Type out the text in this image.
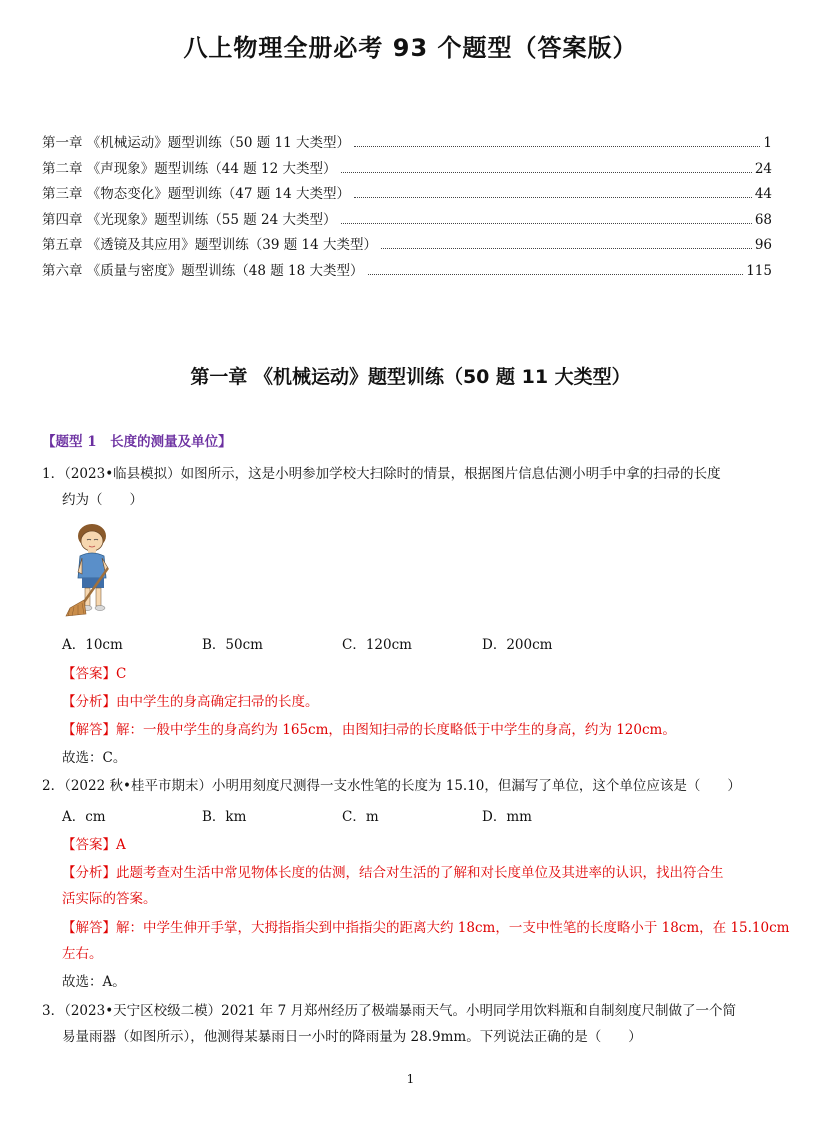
八上物理全册必考 93 个题型（答案版）
第一章 《机械运动》题型训练（50 题 11 大类型）	1
第二章 《声现象》题型训练（44 题 12 大类型）	24
第三章 《物态变化》题型训练（47 题 14 大类型）	44
第四章 《光现象》题型训练（55 题 24 大类型）	68
第五章 《透镜及其应用》题型训练（39 题 14 大类型）	96
第六章 《质量与密度》题型训练（48 题 18 大类型）	115
第一章 《机械运动》题型训练（50 题 11 大类型）
【题型 1　长度的测量及单位】
1．（2023•临县模拟）如图所示，这是小明参加学校大扫除时的情景，根据图片信息估测小明手中拿的扫帚的长度
约为（　　）
A．10cm	B．50cm	C．120cm	D．200cm
【答案】C
【分析】由中学生的身高确定扫帚的长度。
【解答】解：一般中学生的身高约为 165cm，由图知扫帚的长度略低于中学生的身高，约为 120cm。
故选：C。
2．（2022 秋•桂平市期末）小明用刻度尺测得一支水性笔的长度为 15.10，但漏写了单位，这个单位应该是（　　）
A．cm	B．km	C．m	D．mm
【答案】A
【分析】此题考查对生活中常见物体长度的估测，结合对生活的了解和对长度单位及其进率的认识，找出符合生
活实际的答案。
【解答】解：中学生伸开手掌，大拇指指尖到中指指尖的距离大约 18cm，一支中性笔的长度略小于 18cm，在 15.10cm
左右。
故选：A。
3．（2023•天宁区校级二模）2021 年 7 月郑州经历了极端暴雨天气。小明同学用饮料瓶和自制刻度尺制做了一个简
易量雨器（如图所示），他测得某暴雨日一小时的降雨量为 28.9mm。下列说法正确的是（　　）
1
